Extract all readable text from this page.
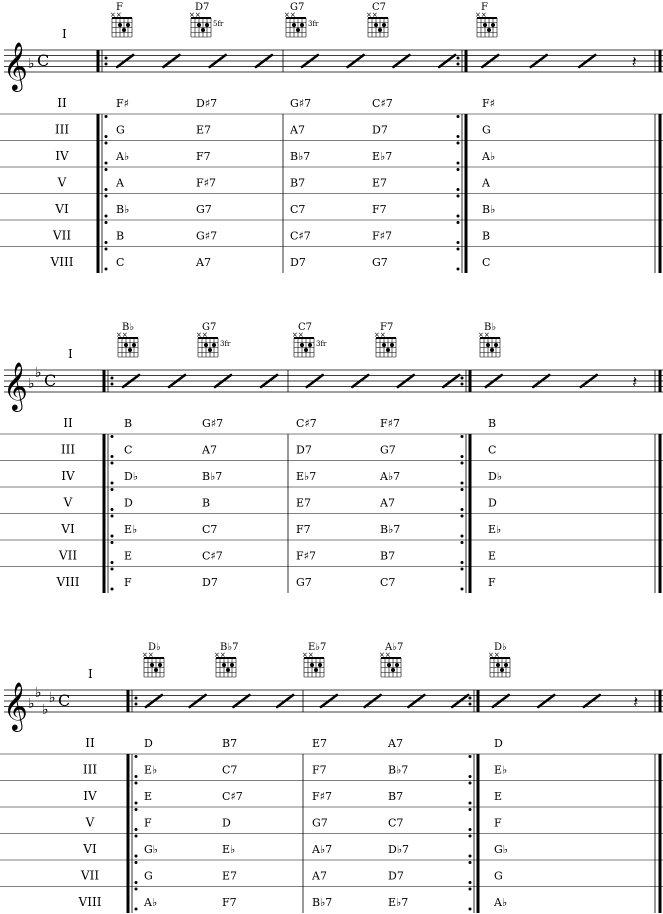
I
F
××
D7
××
5fr
G7
××
3fr
C7
××
F
××
𝄞 ♭ C	𝄽
II	F♯	D♯7	G♯7	C♯7	F♯
III	G	E7	A7	D7	G
IV	A♭	F7	B♭7	E♭7	A♭
V	A	F♯7	B7	E7	A
VI	B♭	G7	C7	F7	B♭
VII	B	G♯7	C♯7	F♯7	B
VIII	C	A7	D7	G7	C
I
B♭
××
G7
××
3fr
C7
××
3fr
F7
××
B♭
××
𝄞 ♭
♭ C	𝄽
II	B	G♯7	C♯7	F♯7	B
III	C	A7	D7	G7	C
IV	D♭	B♭7	E♭7	A♭7	D♭
V	D	B	E7	A7	D
VI	E♭	C7	F7	B♭7	E♭
VII	E	C♯7	F♯7	B7	E
VIII	F	D7	G7	C7	F
I
D♭
××
B♭7
××
E♭7
××
A♭7
××
D♭
××
𝄞 ♭
♭
♭
♭ C	𝄽
II	D	B7	E7	A7	D
III	E♭	C7	F7	B♭7	E♭
IV	E	C♯7	F♯7	B7	E
V	F	D	G7	C7	F
VI	G♭	E♭	A♭7	D♭7	G♭
VII	G	E7	A7	D7	G
VIII	A♭	F7	B♭7	E♭7	A♭
